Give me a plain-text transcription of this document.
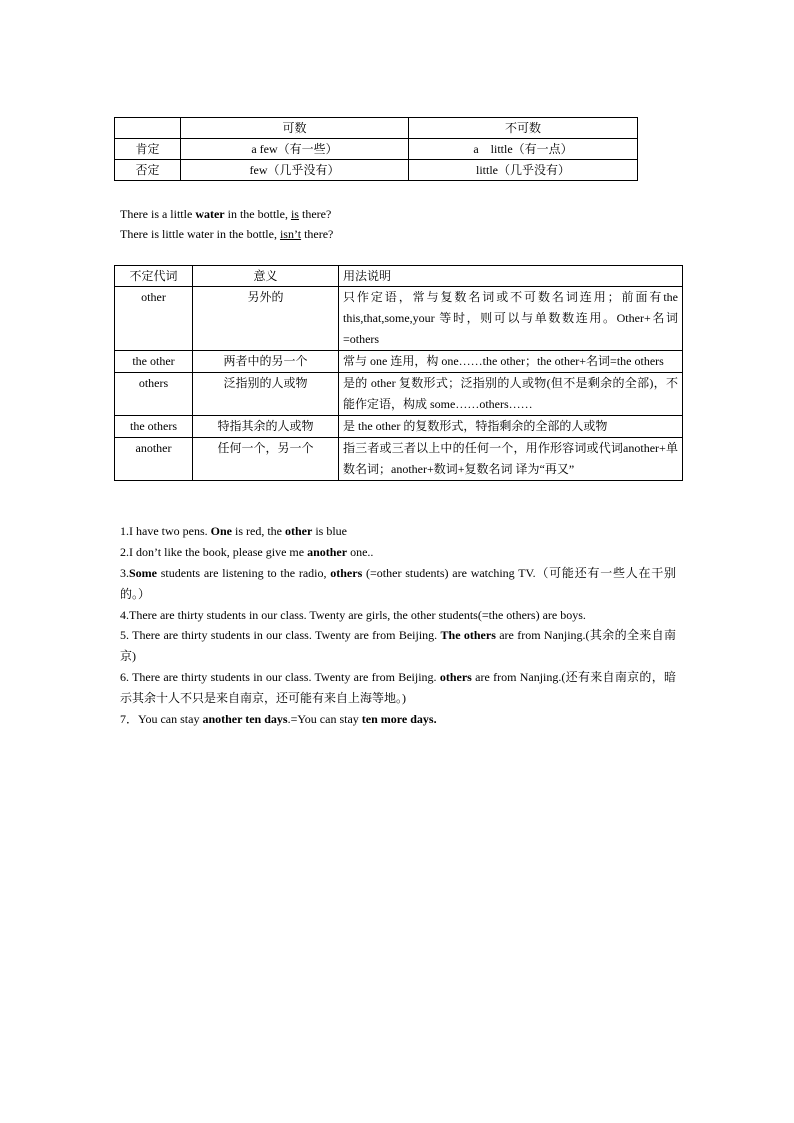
	可数	不可数
肯定	a few（有一些）	a　little（有一点）
否定	few（几乎没有）	little（几乎没有）
There is a little water in the bottle, is there?
There is little water in the bottle, isn’t there?
不定代词	意义	用法说明
other	另外的	只作定语，常与复数名词或不可数名词连用；前面有the this,that,some,your 等时，则可以与单数数连用。Other+名词=others
the other	两者中的另一个	常与 one 连用，构 one……the other；the other+名词=the others
others	泛指别的人或物	是的 other 复数形式；泛指别的人或物(但不是剩余的全部)，不能作定语，构成 some……others……
the others	特指其余的人或物	是 the other 的复数形式，特指剩余的全部的人或物
another	任何一个，另一个	指三者或三者以上中的任何一个，用作形容词或代词another+单数名词；another+数词+复数名词 译为“再又”
1.I have two pens. One is red, the other is blue
2.I don’t like the book, please give me another one..
3.Some students are listening to the radio, others (=other students) are watching TV.（可能还有一些人在干别的。）
4.There are thirty students in our class. Twenty are girls, the other students(=the others) are boys.
5. There are thirty students in our class. Twenty are from Beijing. The others are from Nanjing.(其余的全来自南京)
6. There are thirty students in our class. Twenty are from Beijing. others are from Nanjing.(还有来自南京的，暗示其余十人不只是来自南京，还可能有来自上海等地。)
7．You can stay another ten days.=You can stay ten more days.
